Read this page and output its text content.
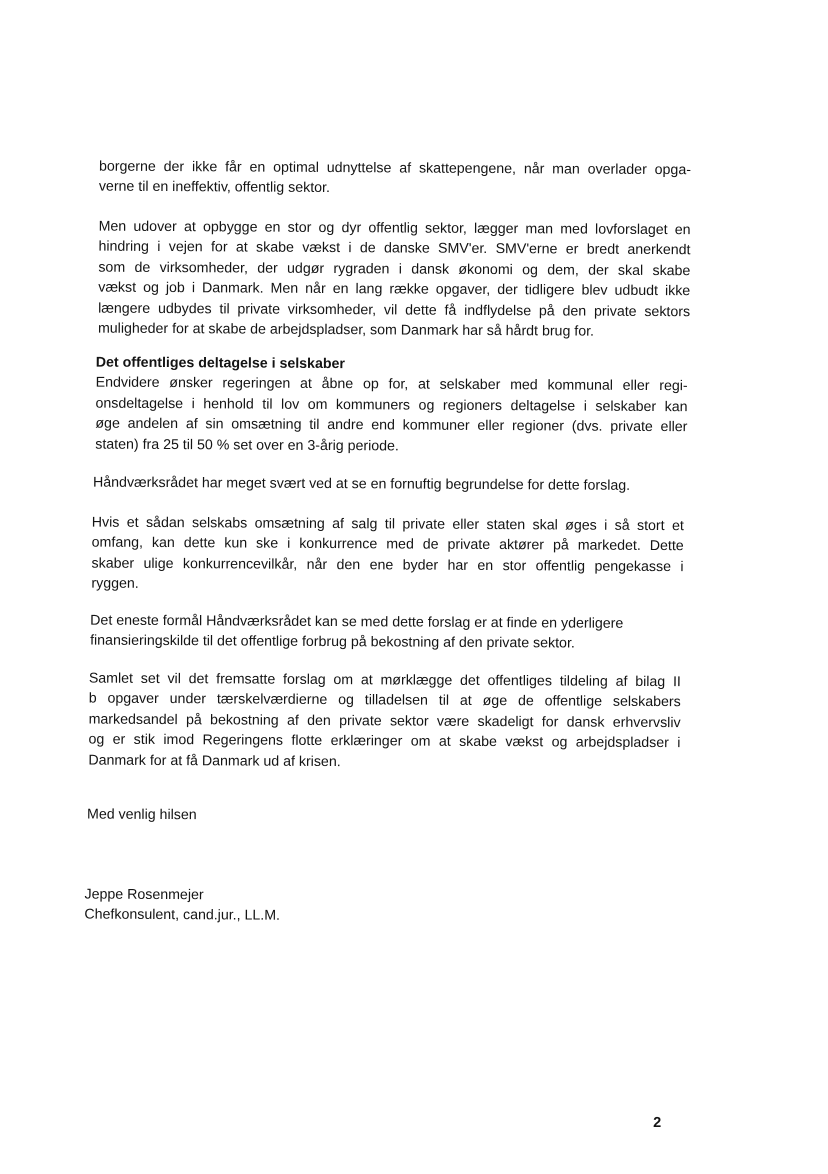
borgerne der ikke får en optimal udnyttelse af skattepengene, når man overlader opga-
verne til en ineffektiv, offentlig sektor.
Men udover at opbygge en stor og dyr offentlig sektor, lægger man med lovforslaget en
hindring i vejen for at skabe vækst i de danske SMV'er. SMV'erne er bredt anerkendt
som de virksomheder, der udgør rygraden i dansk økonomi og dem, der skal skabe
vækst og job i Danmark. Men når en lang række opgaver, der tidligere blev udbudt ikke
længere udbydes til private virksomheder, vil dette få indflydelse på den private sektors
muligheder for at skabe de arbejdspladser, som Danmark har så hårdt brug for.
Det offentliges deltagelse i selskaber
Endvidere ønsker regeringen at åbne op for, at selskaber med kommunal eller regi-
onsdeltagelse i henhold til lov om kommuners og regioners deltagelse i selskaber kan
øge andelen af sin omsætning til andre end kommuner eller regioner (dvs. private eller
staten) fra 25 til 50 % set over en 3-årig periode.
Håndværksrådet har meget svært ved at se en fornuftig begrundelse for dette forslag.
Hvis et sådan selskabs omsætning af salg til private eller staten skal øges i så stort et
omfang, kan dette kun ske i konkurrence med de private aktører på markedet. Dette
skaber ulige konkurrencevilkår, når den ene byder har en stor offentlig pengekasse i
ryggen.
Det eneste formål Håndværksrådet kan se med dette forslag er at finde en yderligere
finansieringskilde til det offentlige forbrug på bekostning af den private sektor.
Samlet set vil det fremsatte forslag om at mørklægge det offentliges tildeling af bilag II
b opgaver under tærskelværdierne og tilladelsen til at øge de offentlige selskabers
markedsandel på bekostning af den private sektor være skadeligt for dansk erhvervsliv
og er stik imod Regeringens flotte erklæringer om at skabe vækst og arbejdspladser i
Danmark for at få Danmark ud af krisen.
Med venlig hilsen
Jeppe Rosenmejer
Chefkonsulent, cand.jur., LL.M.
2
